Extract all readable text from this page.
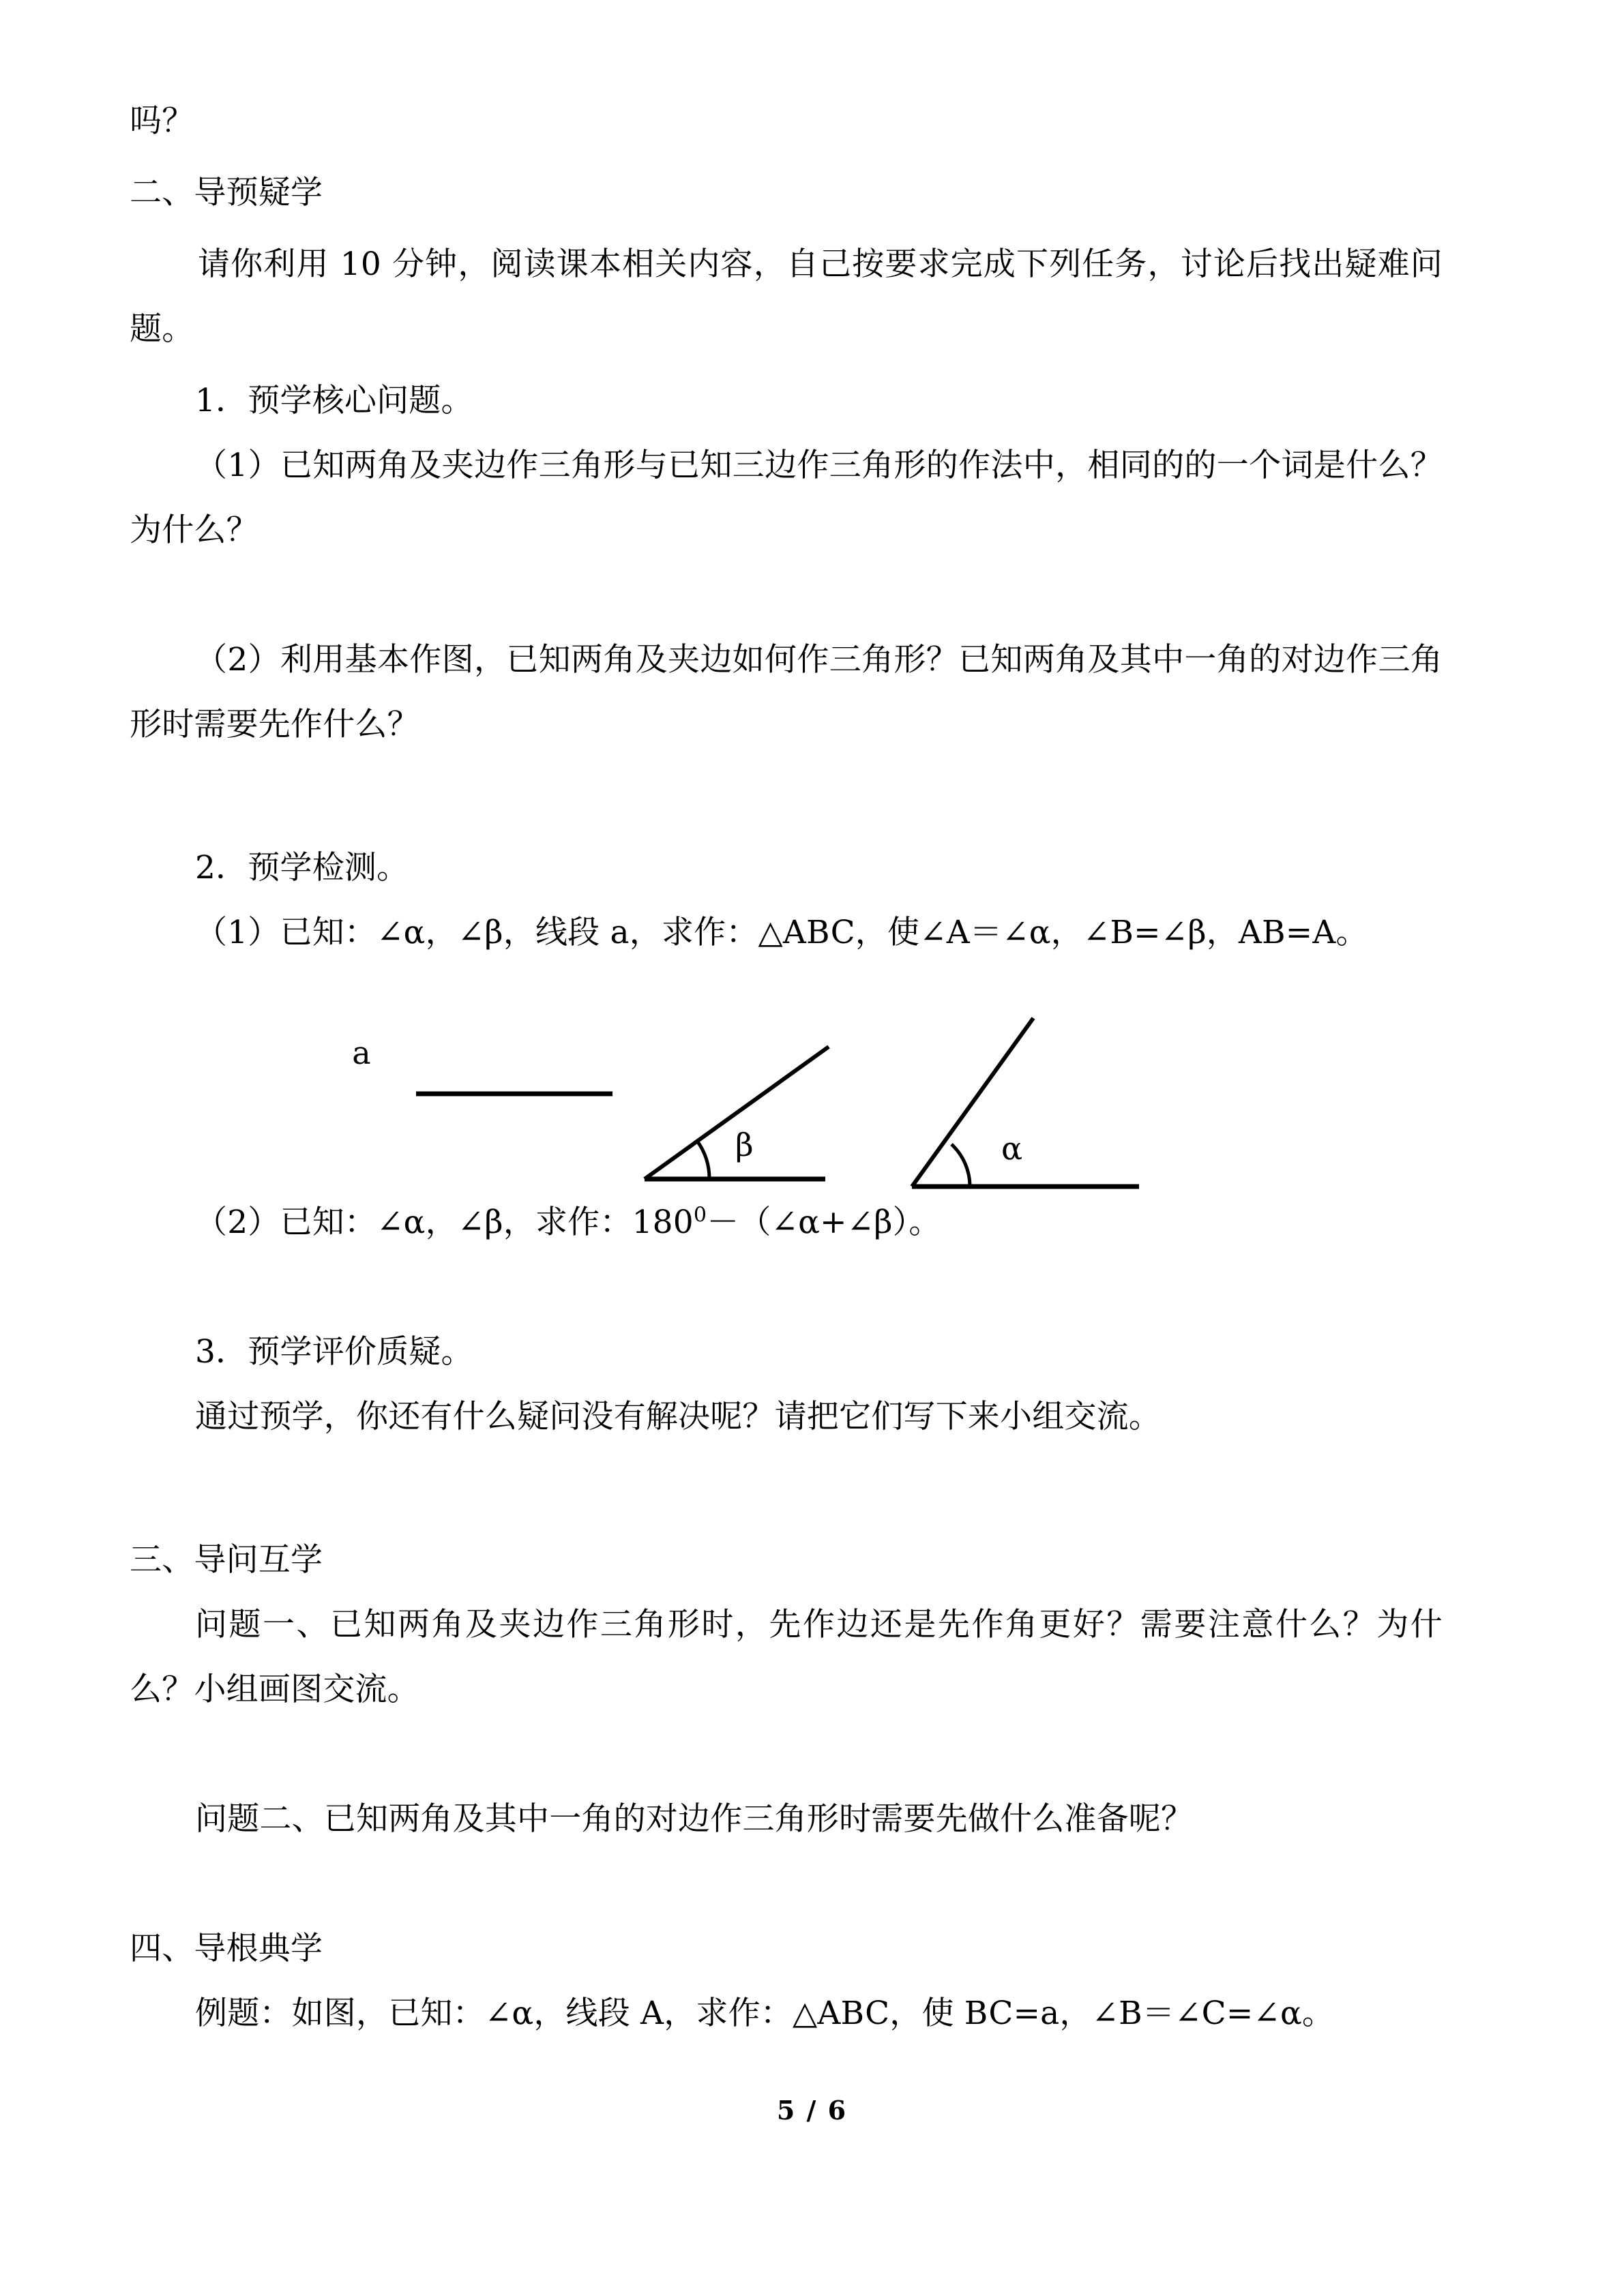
吗？

二、导预疑学

请你利用 10 分钟，阅读课本相关内容，自己按要求完成下列任务，讨论后找出疑难问题。

1．预学核心问题。

（1）已知两角及夹边作三角形与已知三边作三角形的作法中，相同的的一个词是什么？为什么？

（2）利用基本作图，已知两角及夹边如何作三角形？已知两角及其中一角的对边作三角形时需要先作什么？

2．预学检测。

（1）已知：∠α，∠β，线段 a，求作：△ABC，使∠A＝∠α，∠B=∠β，AB=A。

a
β	α

（2）已知：∠α，∠β，求作：$180^0-(\angle\alpha+\angle\beta)$。

3．预学评价质疑。

通过预学，你还有什么疑问没有解决呢？请把它们写下来小组交流。

三、导问互学

问题一、已知两角及夹边作三角形时，先作边还是先作角更好？需要注意什么？为什么？小组画图交流。

问题二、已知两角及其中一角的对边作三角形时需要先做什么准备呢？

四、导根典学

例题：如图，已知：∠α，线段 A，求作：△ABC，使 BC=a，∠B＝∠C=∠α。

5 / 6
